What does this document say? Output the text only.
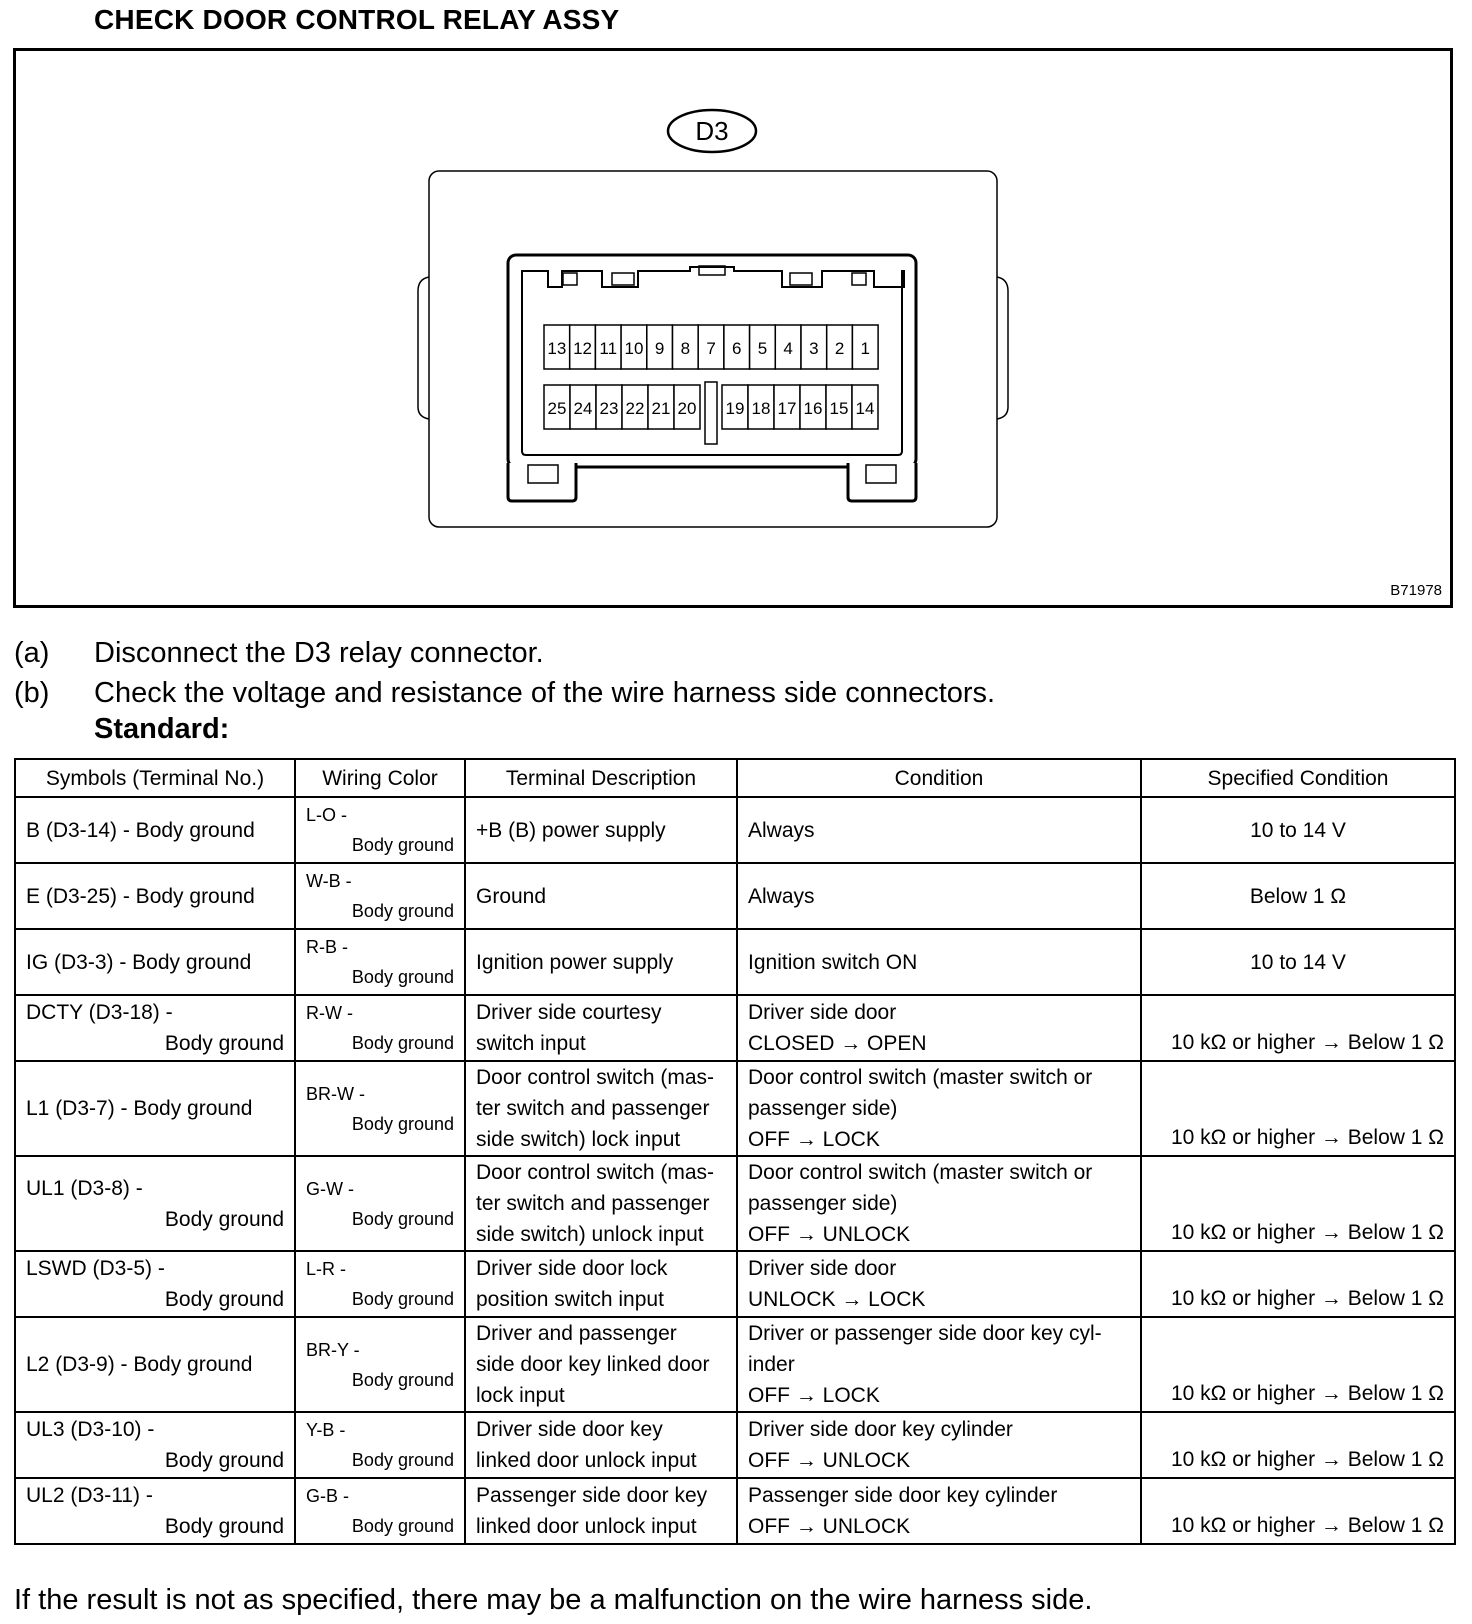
CHECK DOOR CONTROL RELAY ASSY
D3
13 12 11 10 9 8 7 6 5 4 3 2 1
25 24 23 22 21 20 19 18 17 16 15 14
B71978
(a) Disconnect the D3 relay connector.
(b) Check the voltage and resistance of the wire harness side connectors.
Standard:
Symbols (Terminal No.)	Wiring Color	Terminal Description	Condition	Specified Condition

B (D3-14) - Body ground	L-O -
Body ground	+B (B) power supply	Always	10 to 14 V

E (D3-25) - Body ground	W-B -
Body ground	Ground	Always	Below 1 Ω

IG (D3-3) - Body ground	R-B -
Body ground	Ignition power supply	Ignition switch ON	10 to 14 V

DCTY (D3-18) -
Body ground	R-W -
Body ground	Driver side courtesy
switch input	Driver side door
CLOSED → OPEN	10 kΩ or higher → Below 1 Ω

L1 (D3-7) - Body ground	BR-W -
Body ground	Door control switch (mas-
ter switch and passenger
side switch) lock input	Door control switch (master switch or
passenger side)
OFF → LOCK	10 kΩ or higher → Below 1 Ω

UL1 (D3-8) -
Body ground	G-W -
Body ground	Door control switch (mas-
ter switch and passenger
side switch) unlock input	Door control switch (master switch or
passenger side)
OFF → UNLOCK	10 kΩ or higher → Below 1 Ω

LSWD (D3-5) -
Body ground	L-R -
Body ground	Driver side door lock
position switch input	Driver side door
UNLOCK → LOCK	10 kΩ or higher → Below 1 Ω

L2 (D3-9) - Body ground	BR-Y -
Body ground	Driver and passenger
side door key linked door
lock input	Driver or passenger side door key cyl-
inder
OFF → LOCK	10 kΩ or higher → Below 1 Ω

UL3 (D3-10) -
Body ground	Y-B -
Body ground	Driver side door key
linked door unlock input	Driver side door key cylinder
OFF → UNLOCK	10 kΩ or higher → Below 1 Ω

UL2 (D3-11) -
Body ground	G-B -
Body ground	Passenger side door key
linked door unlock input	Passenger side door key cylinder
OFF → UNLOCK	10 kΩ or higher → Below 1 Ω
If the result is not as specified, there may be a malfunction on the wire harness side.
